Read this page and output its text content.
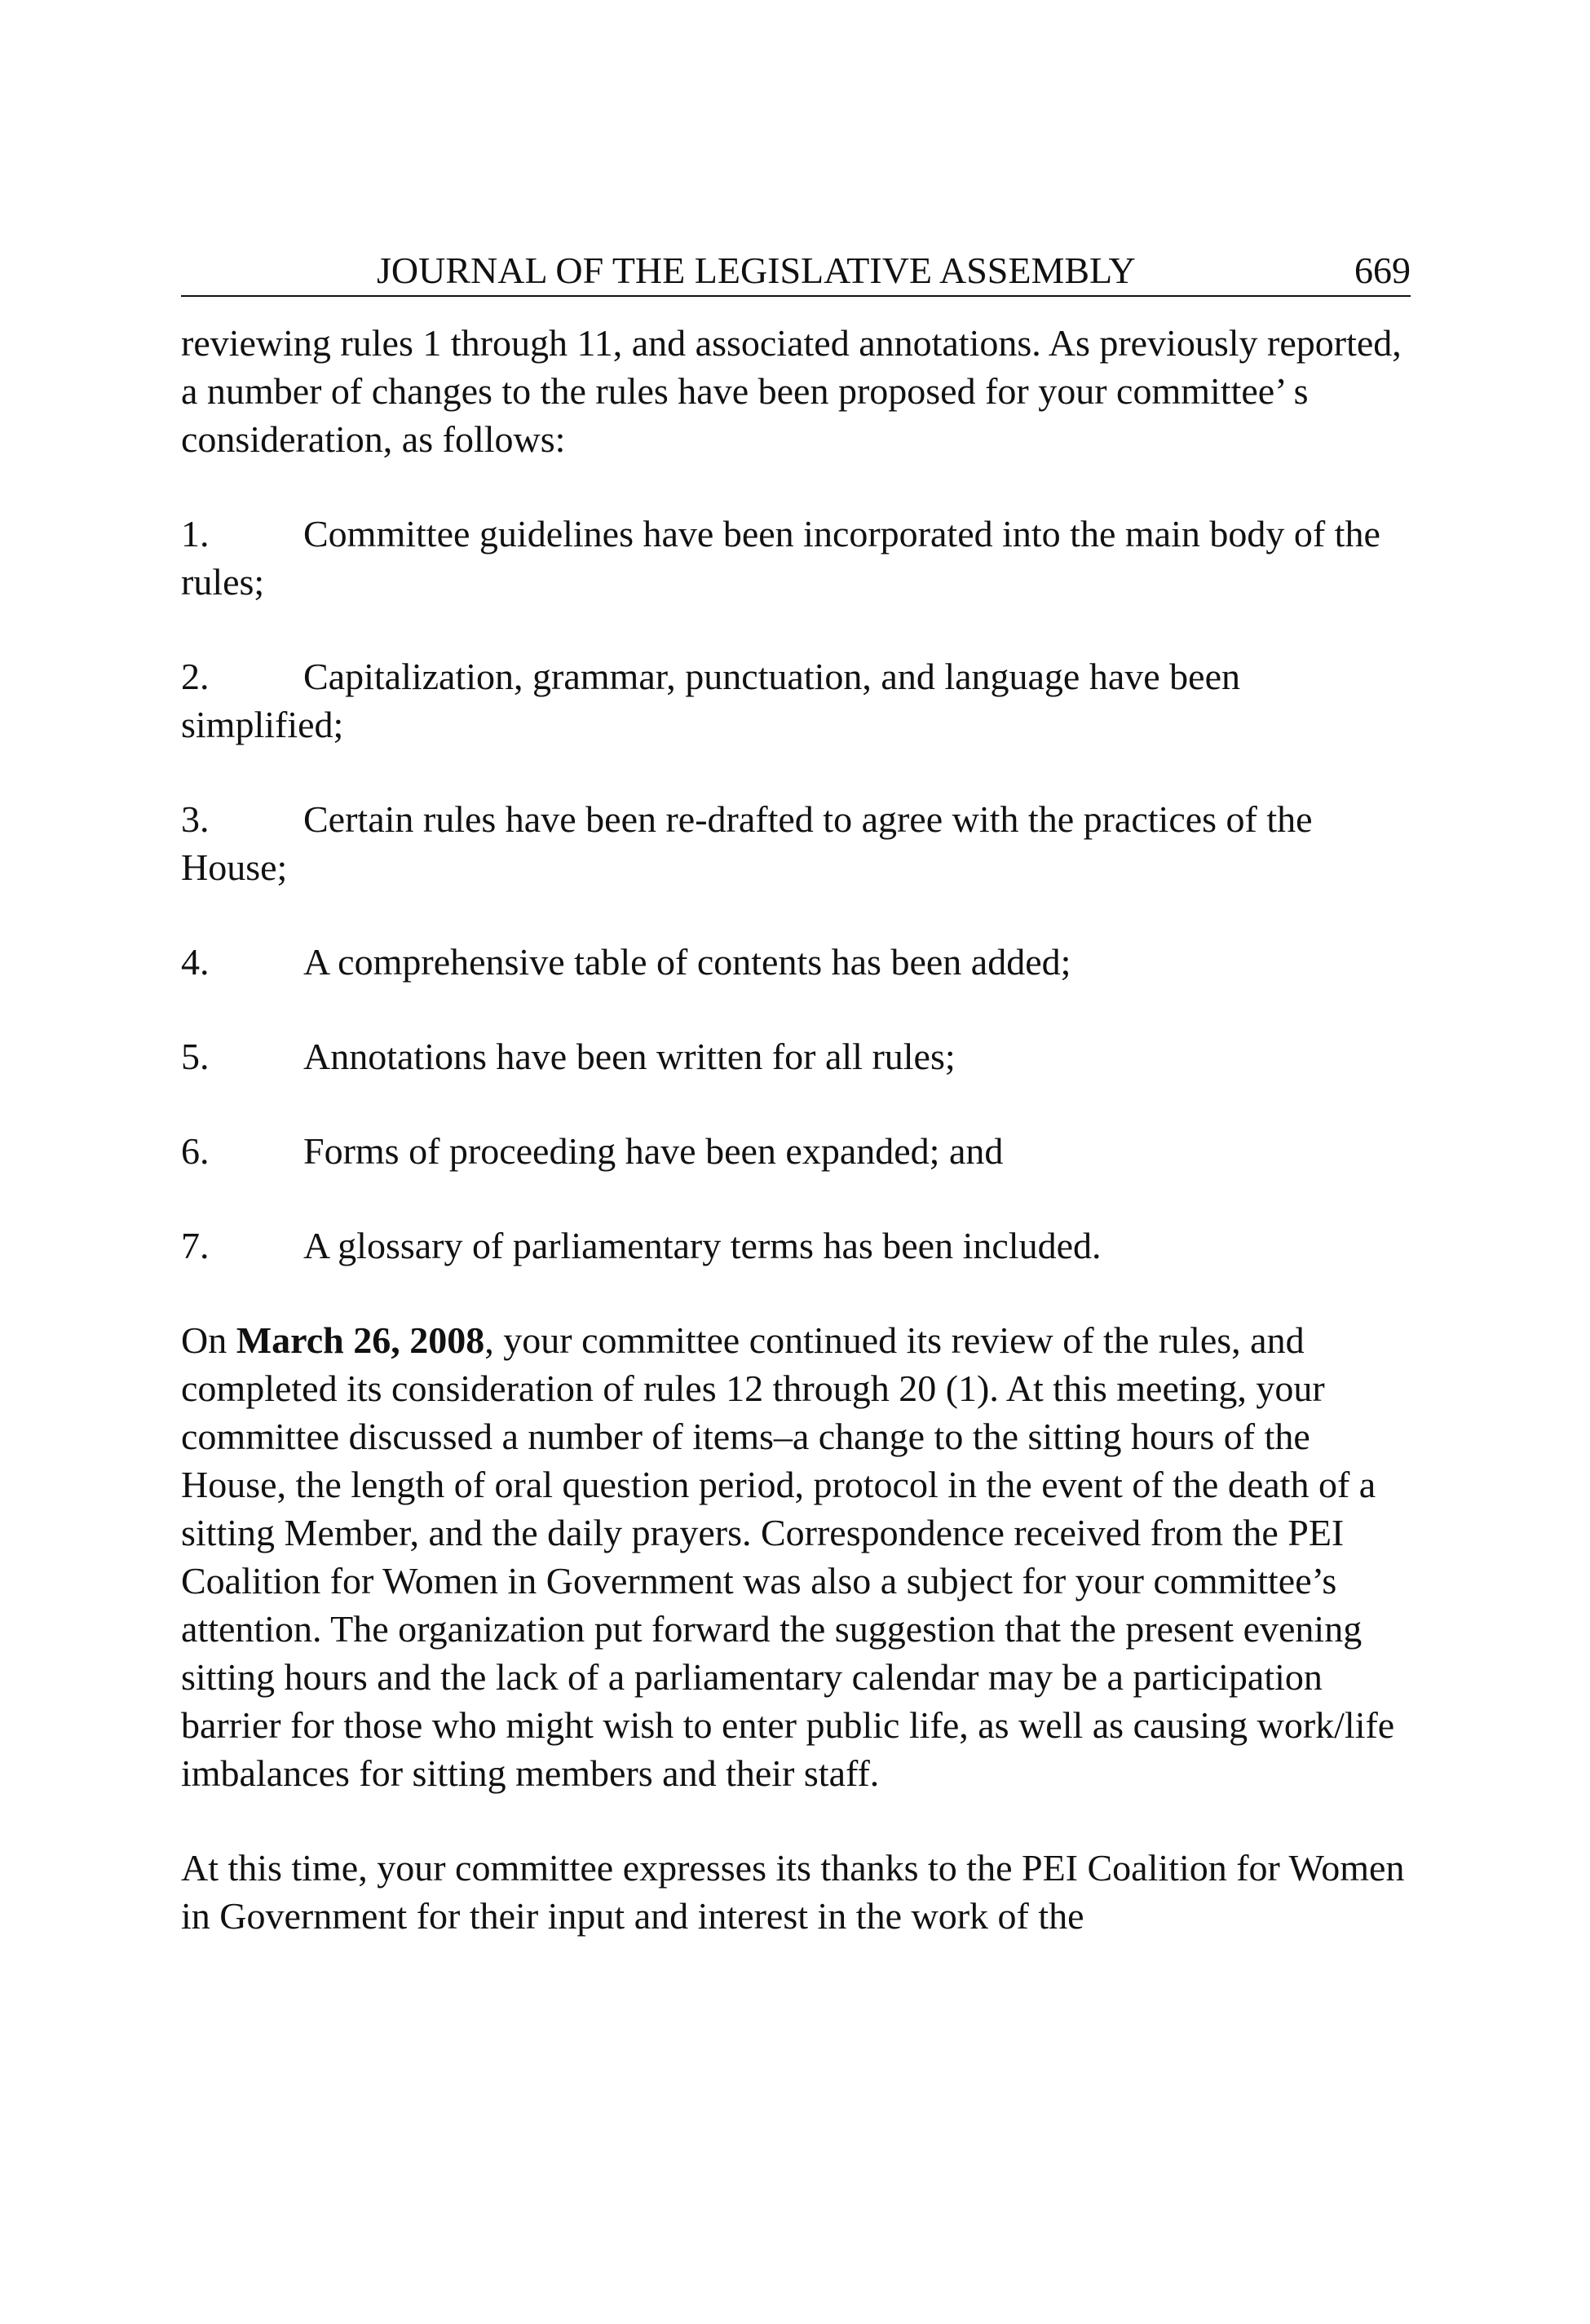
JOURNAL OF THE LEGISLATIVE ASSEMBLY	669

reviewing rules 1 through 11, and associated annotations. As previously reported, a number of changes to the rules have been proposed for your committee’ s consideration, as follows:

1.	Committee guidelines have been incorporated into the main body of the rules;
2.	Capitalization, grammar, punctuation, and language have been simplified;
3.	Certain rules have been re-drafted to agree with the practices of the House;
4.	A comprehensive table of contents has been added;
5.	Annotations have been written for all rules;
6.	Forms of proceeding have been expanded; and
7.	A glossary of parliamentary terms has been included.

On March 26, 2008, your committee continued its review of the rules, and completed its consideration of rules 12 through 20 (1). At this meeting, your committee discussed a number of items–a change to the sitting hours of the House, the length of oral question period, protocol in the event of the death of a sitting Member, and the daily prayers. Correspondence received from the PEI Coalition for Women in Government was also a subject for your committee’s attention. The organization put forward the suggestion that the present evening sitting hours and the lack of a parliamentary calendar may be a participation barrier for those who might wish to enter public life, as well as causing work/life imbalances for sitting members and their staff.

At this time, your committee expresses its thanks to the PEI Coalition for Women in Government for their input and interest in the work of the
